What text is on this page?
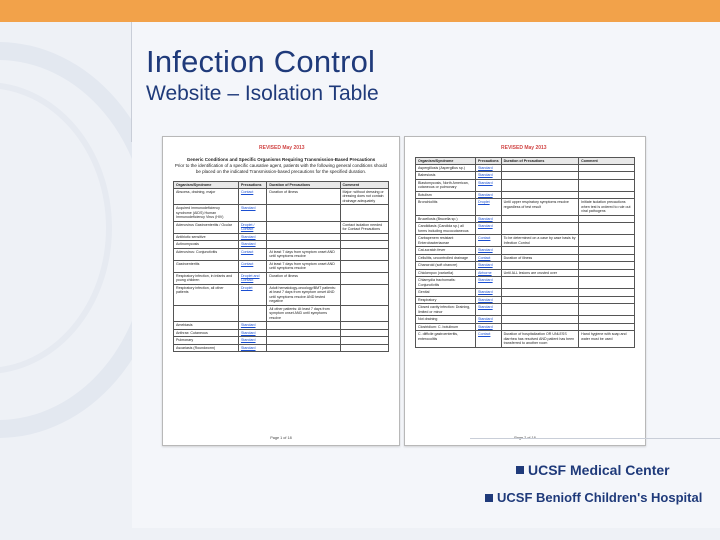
Infection Control
Website – Isolation Table
REVISED May 2013
Generic Conditions and Specific Organisms Requiring Transmission-Based Precautions
Prior to the identification of a specific causative agent, patients with the following general conditions should be placed on the indicated Transmission-based precautions for the specified duration.
Organism/Syndrome	Precautions	Duration of Precautions	Comment
Abscess, draining, major	Contact	Duration of illness	Major: without dressing or dressing does not contain drainage adequately
Acquired immunodeficiency syndrome (AIDS) Human Immunodeficiency Virus (HIV)	Standard		
Adenovirus Gastroenteritis / Ocular	Droplet / Contact		Contact isolation needed for Contact Precautions
Antibiotic sensitive	Standard		
Actinomycosis	Standard		
Adenovirus: Conjunctivitis	Contact	At least 7 days from symptom onset AND until symptoms resolve	
Gastroenteritis	Contact	At least 7 days from symptom onset AND until symptoms resolve	
Respiratory infection, in infants and young children	Droplet and Contact	Duration of illness	
Respiratory infection, all other patients	Droplet	Adult hematology-oncology/BMT patients: at least 7 days from symptom onset AND until symptoms resolve AND tested negative	
		All other patients: At least 7 days from symptom onset AND until symptoms resolve	
Amebiasis	Standard		
Anthrax: Cutaneous	Standard		
Pulmonary	Standard		
Ascariasis (Roundworm)	Standard		
Page 1 of 18
REVISED May 2013
Organism/Syndrome	Precautions	Duration of Precautions	Comment
Aspergillosis (Aspergillus sp.)	Standard		
Babesiosis	Standard		
Blastomycosis, North American, cutaneous or pulmonary	Standard		
Botulism	Standard		
Bronchiolitis	Droplet	Until upper respiratory symptoms resolve regardless of test result	Initiate isolation precautions when test is ordered to rule out viral pathogens
Brucellosis (Brucella sp.)	Standard		
Candidiasis (Candida sp.) all forms including mucocutaneous	Standard		
Carbapenem resistant Enterobacteriaceae	Contact	To be determined on a case by case basis by Infection Control	
Cat-scratch fever	Standard		
Cellulitis, uncontrolled drainage	Contact	Duration of illness	
Chancroid (soft chancre)	Standard		
Chickenpox (varicella)	Airborne	Until ALL lesions are crusted over	
Chlamydia trachomatis: Conjunctivitis	Standard		
Genital	Standard		
Respiratory	Standard		
Closed cavity infection: Draining, limited or minor	Standard		
Not draining	Standard		
Clostridium: C. botulinum	Standard		
C. difficile gastroenteritis, enterocolitis	Contact	Duration of hospitalization OR UNLESS diarrhea has resolved AND patient has been transferred to another room	Hand hygiene with soap and water must be used
UCSF Medical Center
UCSF Benioff Children's Hospital
